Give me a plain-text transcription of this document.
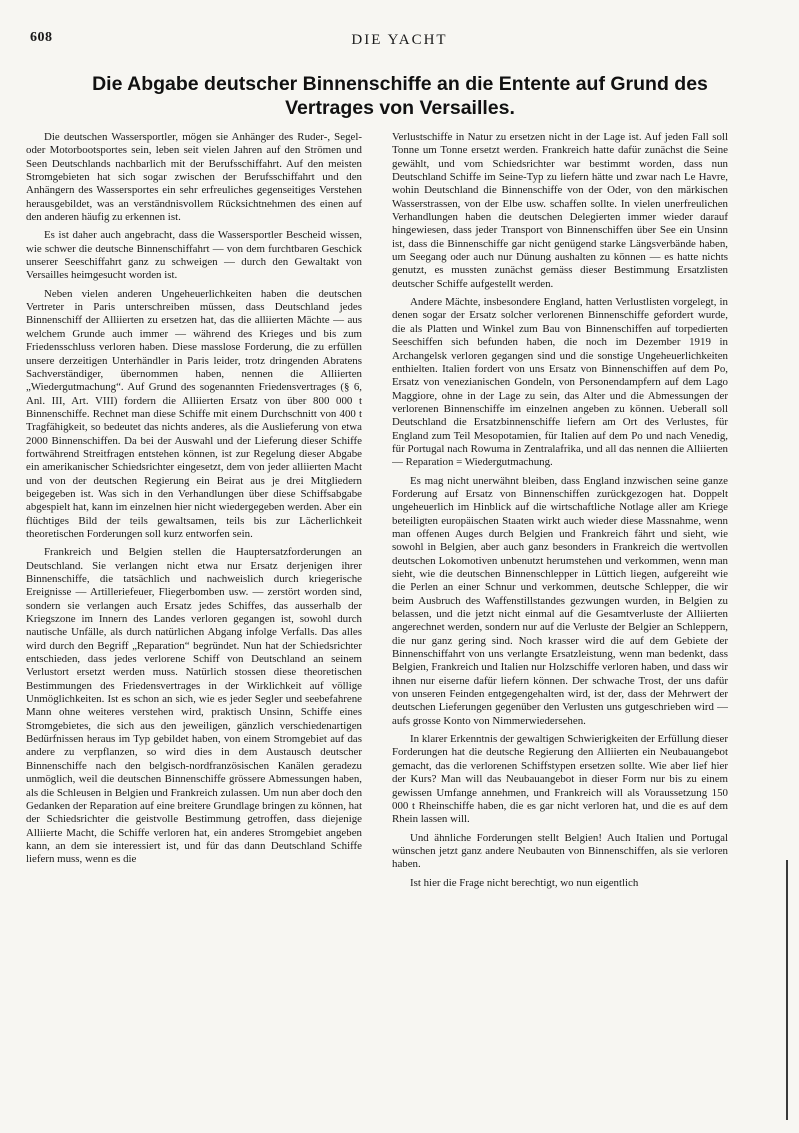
608	DIE YACHT
Die Abgabe deutscher Binnenschiffe an die Entente auf Grund des
Vertrages von Versailles.

Die deutschen Wassersportler, mögen sie Anhänger des Ruder-, Segel- oder Motorbootsportes sein, leben seit vielen Jahren auf den Strömen und Seen Deutschlands nachbarlich mit der Berufsschiffahrt. Auf den meisten Stromgebieten hat sich sogar zwischen der Berufsschiffahrt und den Anhängern des Wassersportes ein sehr erfreuliches gegenseitiges Verstehen herausgebildet, was an verständnisvollem Rücksichtnehmen des einen auf den anderen häufig zu erkennen ist.

Es ist daher auch angebracht, dass die Wassersportler Bescheid wissen, wie schwer die deutsche Binnenschiffahrt — von dem furchtbaren Geschick unserer Seeschiffahrt ganz zu schweigen — durch den Gewaltakt von Versailles heimgesucht worden ist.

Neben vielen anderen Ungeheuerlichkeiten haben die deutschen Vertreter in Paris unterschreiben müssen, dass Deutschland jedes Binnenschiff der Alliierten zu ersetzen hat, das die alliierten Mächte — aus welchem Grunde auch immer — während des Krieges und bis zum Friedensschluss verloren haben. Diese masslose Forderung, die zu erfüllen unsere derzeitigen Unterhändler in Paris leider, trotz dringenden Abratens Sachverständiger, übernommen haben, nennen die Alliierten „Wiedergutmachung“. Auf Grund des sogenannten Friedensvertrages (§ 6, Anl. III, Art. VIII) fordern die Alliierten Ersatz von über 800 000 t Binnenschiffe. Rechnet man diese Schiffe mit einem Durchschnitt von 400 t Tragfähigkeit, so bedeutet das nichts anderes, als die Auslieferung von etwa 2000 Binnenschiffen. Da bei der Auswahl und der Lieferung dieser Schiffe fortwährend Streitfragen entstehen können, ist zur Regelung dieser Abgabe ein amerikanischer Schiedsrichter eingesetzt, dem von jeder alliierten Macht und von der deutschen Regierung ein Beirat aus je drei Mitgliedern beigegeben ist. Was sich in den Verhandlungen über diese Schiffsabgabe abgespielt hat, kann im einzelnen hier nicht wiedergegeben werden. Aber ein flüchtiges Bild der teils gewaltsamen, teils bis zur Lächerlichkeit theoretischen Forderungen soll kurz entworfen sein.

Frankreich und Belgien stellen die Hauptersatzforderungen an Deutschland. Sie verlangen nicht etwa nur Ersatz derjenigen ihrer Binnenschiffe, die tatsächlich und nachweislich durch kriegerische Ereignisse — Artilleriefeuer, Fliegerbomben usw. — zerstört worden sind, sondern sie verlangen auch Ersatz jedes Schiffes, das ausserhalb der Kriegszone im Innern des Landes verloren gegangen ist, sowohl durch nautische Unfälle, als durch natürlichen Abgang infolge Verfalls. Das alles wird durch den Begriff „Reparation“ begründet. Nun hat der Schiedsrichter entschieden, dass jedes verlorene Schiff von Deutschland an seinem Verlustort ersetzt werden muss. Natürlich stossen diese theoretischen Bestimmungen des Friedensvertrages in der Wirklichkeit auf völlige Unmöglichkeiten. Ist es schon an sich, wie es jeder Segler und seebefahrene Mann ohne weiteres verstehen wird, praktisch Unsinn, Schiffe eines Stromgebietes, die sich aus den jeweiligen, gänzlich verschiedenartigen Bedürfnissen heraus im Typ gebildet haben, von einem Stromgebiet auf das andere zu verpflanzen, so wird dies in dem Austausch deutscher Binnenschiffe nach den belgisch-nordfranzösischen Kanälen geradezu unmöglich, weil die deutschen Binnenschiffe grössere Abmessungen haben, als die Schleusen in Belgien und Frankreich zulassen. Um nun aber doch den Gedanken der Reparation auf eine breitere Grundlage bringen zu können, hat der Schiedsrichter die geistvolle Bestimmung getroffen, dass diejenige Alliierte Macht, die Schiffe verloren hat, ein anderes Stromgebiet angeben kann, an dem sie interessiert ist, und für das dann Deutschland Schiffe liefern muss, wenn es die

Verlustschiffe in Natur zu ersetzen nicht in der Lage ist. Auf jeden Fall soll Tonne um Tonne ersetzt werden. Frankreich hatte dafür zunächst die Seine gewählt, und vom Schiedsrichter war bestimmt worden, dass nun Deutschland Schiffe im Seine-Typ zu liefern hätte und zwar nach Le Havre, wohin Deutschland die Binnenschiffe von der Oder, von den märkischen Wasserstrassen, von der Elbe usw. schaffen sollte. In vielen unerfreulichen Verhandlungen haben die deutschen Delegierten immer wieder darauf hingewiesen, dass jeder Transport von Binnenschiffen über See ein Unsinn ist, dass die Binnenschiffe gar nicht genügend starke Längsverbände haben, um Seegang oder auch nur Dünung aushalten zu können — es hatte nichts genutzt, es mussten zunächst gemäss dieser Bestimmung Ersatzlisten deutscher Schiffe aufgestellt werden.

Andere Mächte, insbesondere England, hatten Verlustlisten vorgelegt, in denen sogar der Ersatz solcher verlorenen Binnenschiffe gefordert wurde, die als Platten und Winkel zum Bau von Binnenschiffen auf torpedierten Seeschiffen sich befunden haben, die noch im Dezember 1919 in Archangelsk verloren gegangen sind und die sonstige Ungeheuerlichkeiten enthielten. Italien fordert von uns Ersatz von Binnenschiffen auf dem Po, Ersatz von venezianischen Gondeln, von Personendampfern auf dem Lago Maggiore, ohne in der Lage zu sein, das Alter und die Abmessungen der verlorenen Binnenschiffe im einzelnen angeben zu können. Ueberall soll Deutschland die Ersatzbinnenschiffe liefern am Ort des Verlustes, für England zum Teil Mesopotamien, für Italien auf dem Po und nach Venedig, für Portugal nach Rowuma in Zentralafrika, und all das nennen die Alliierten — Reparation = Wiedergutmachung.

Es mag nicht unerwähnt bleiben, dass England inzwischen seine ganze Forderung auf Ersatz von Binnenschiffen zurückgezogen hat. Doppelt ungeheuerlich im Hinblick auf die wirtschaftliche Notlage aller am Kriege beteiligten europäischen Staaten wirkt auch wieder diese Massnahme, wenn man offenen Auges durch Belgien und Frankreich fährt und sieht, wie sowohl in Belgien, aber auch ganz besonders in Frankreich die wertvollen deutschen Lokomotiven unbenutzt herumstehen und verkommen, wenn man sieht, wie die deutschen Binnenschlepper in Lüttich liegen, aufgereiht wie die Perlen an einer Schnur und verkommen, deutsche Schlepper, die wir beim Ausbruch des Waffenstillstandes gezwungen wurden, in Belgien zu belassen, und die jetzt nicht einmal auf die Gesamtverluste der Alliierten angerechnet werden, sondern nur auf die Verluste der Belgier an Schleppern, die nur ganz gering sind. Noch krasser wird die auf dem Gebiete der Binnenschiffahrt von uns verlangte Ersatzleistung, wenn man bedenkt, dass Belgien, Frankreich und Italien nur Holzschiffe verloren haben, und dass wir ihnen nur eiserne dafür liefern können. Der schwache Trost, der uns dafür von unseren Feinden entgegengehalten wird, ist der, dass der Mehrwert der deutschen Lieferungen gegenüber den Verlusten uns gutgeschrieben wird — aufs grosse Konto von Nimmerwiedersehen.

In klarer Erkenntnis der gewaltigen Schwierigkeiten der Erfüllung dieser Forderungen hat die deutsche Regierung den Alliierten ein Neubauangebot gemacht, das die verlorenen Schiffstypen ersetzen sollte. Wie aber lief hier der Kurs? Man will das Neubauangebot in dieser Form nur bis zu einem gewissen Umfange annehmen, und Frankreich will als Voraussetzung 150 000 t Rheinschiffe haben, die es gar nicht verloren hat, und die es auf dem Rhein lassen will.

Und ähnliche Forderungen stellt Belgien! Auch Italien und Portugal wünschen jetzt ganz andere Neubauten von Binnenschiffen, als sie verloren haben.

Ist hier die Frage nicht berechtigt, wo nun eigentlich
